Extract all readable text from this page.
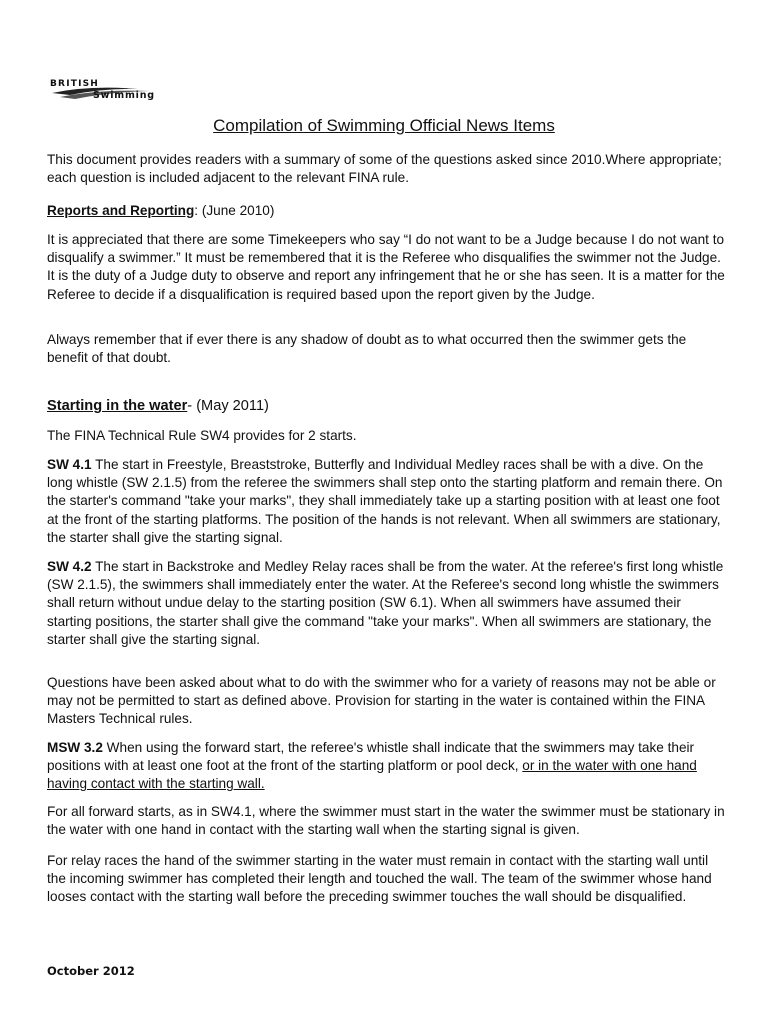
BRITISH
Swimming
Compilation of Swimming Official News Items

This document provides readers with a summary of some of the questions asked since 2010.Where appropriate; each question is included adjacent to the relevant FINA rule.

Reports and Reporting: (June 2010)

It is appreciated that there are some Timekeepers who say “I do not want to be a Judge because I do not want to disqualify a swimmer.” It must be remembered that it is the Referee who disqualifies the swimmer not the Judge. It is the duty of a Judge duty to observe and report any infringement that he or she has seen. It is a matter for the Referee to decide if a disqualification is required based upon the report given by the Judge.

Always remember that if ever there is any shadow of doubt as to what occurred then the swimmer gets the benefit of that doubt.

Starting in the water- (May 2011)

The FINA Technical Rule SW4 provides for 2 starts.

SW 4.1 The start in Freestyle, Breaststroke, Butterfly and Individual Medley races shall be with a dive. On the long whistle (SW 2.1.5) from the referee the swimmers shall step onto the starting platform and remain there. On the starter's command "take your marks", they shall immediately take up a starting position with at least one foot at the front of the starting platforms. The position of the hands is not relevant. When all swimmers are stationary, the starter shall give the starting signal.

SW 4.2 The start in Backstroke and Medley Relay races shall be from the water. At the referee's first long whistle (SW 2.1.5), the swimmers shall immediately enter the water. At the Referee's second long whistle the swimmers shall return without undue delay to the starting position (SW 6.1). When all swimmers have assumed their starting positions, the starter shall give the command "take your marks". When all swimmers are stationary, the starter shall give the starting signal.

Questions have been asked about what to do with the swimmer who for a variety of reasons may not be able or may not be permitted to start as defined above. Provision for starting in the water is contained within the FINA Masters Technical rules.

MSW 3.2 When using the forward start, the referee's whistle shall indicate that the swimmers may take their positions with at least one foot at the front of the starting platform or pool deck, or in the water with one hand having contact with the starting wall.

For all forward starts, as in SW4.1, where the swimmer must start in the water the swimmer must be stationary in the water with one hand in contact with the starting wall when the starting signal is given.

For relay races the hand of the swimmer starting in the water must remain in contact with the starting wall until the incoming swimmer has completed their length and touched the wall. The team of the swimmer whose hand looses contact with the starting wall before the preceding swimmer touches the wall should be disqualified.

October 2012
